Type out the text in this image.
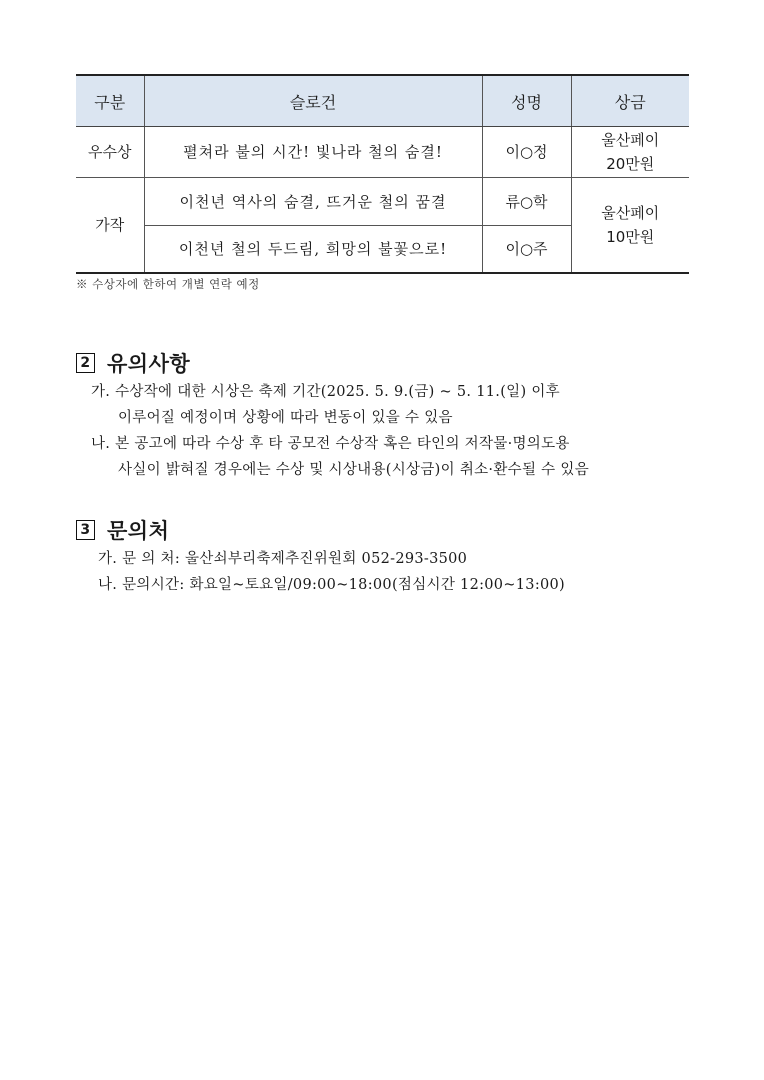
구분	슬로건	성명	상금
우수상	펼쳐라 불의 시간! 빛나라 철의 숨결!	이○정	울산페이
20만원

가작	이천년 역사의 숨결, 뜨거운 철의 꿈결	류○학	울산페이
10만원

	이천년 철의 두드림, 희망의 불꽃으로!	이○주	
※ 수상자에 한하여 개별 연락 예정
2 유의사항
가. 수상작에 대한 시상은 축제 기간(2025. 5. 9.(금) ~ 5. 11.(일) 이후
이루어질 예정이며 상황에 따라 변동이 있을 수 있음
나. 본 공고에 따라 수상 후 타 공모전 수상작 혹은 타인의 저작물·명의도용
사실이 밝혀질 경우에는 수상 및 시상내용(시상금)이 취소·환수될 수 있음
3 문의처
가. 문 의 처: 울산쇠부리축제추진위원회 052-293-3500
나. 문의시간: 화요일~토요일/09:00~18:00(점심시간 12:00~13:00)
